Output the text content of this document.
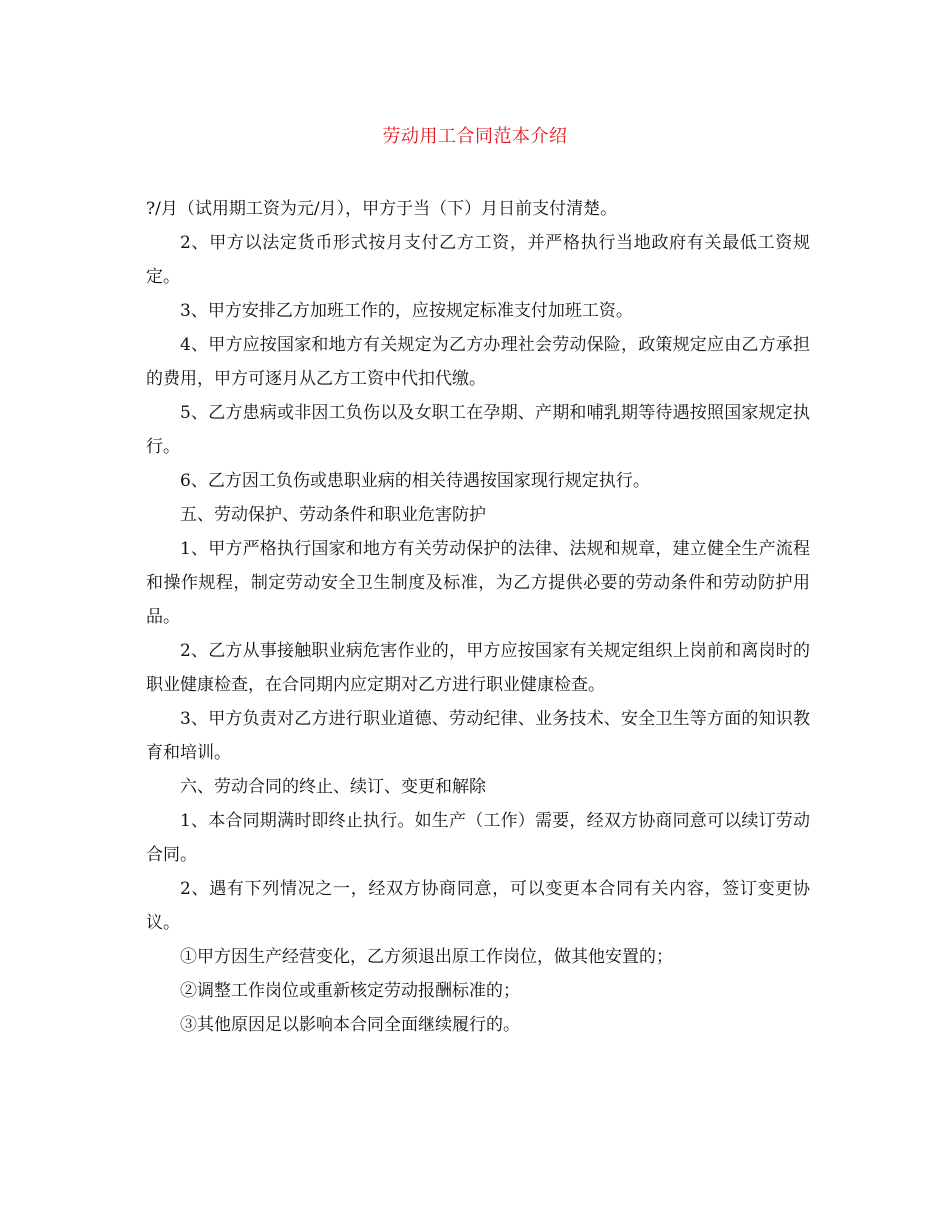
劳动用工合同范本介绍

?/月（试用期工资为元/月），甲方于当（下）月日前支付清楚。

2、甲方以法定货币形式按月支付乙方工资，并严格执行当地政府有关最低工资规定。

3、甲方安排乙方加班工作的，应按规定标准支付加班工资。

4、甲方应按国家和地方有关规定为乙方办理社会劳动保险，政策规定应由乙方承担的费用，甲方可逐月从乙方工资中代扣代缴。

5、乙方患病或非因工负伤以及女职工在孕期、产期和哺乳期等待遇按照国家规定执行。

6、乙方因工负伤或患职业病的相关待遇按国家现行规定执行。

五、劳动保护、劳动条件和职业危害防护

1、甲方严格执行国家和地方有关劳动保护的法律、法规和规章，建立健全生产流程和操作规程，制定劳动安全卫生制度及标准，为乙方提供必要的劳动条件和劳动防护用品。

2、乙方从事接触职业病危害作业的，甲方应按国家有关规定组织上岗前和离岗时的职业健康检查，在合同期内应定期对乙方进行职业健康检查。

3、甲方负责对乙方进行职业道德、劳动纪律、业务技术、安全卫生等方面的知识教育和培训。

六、劳动合同的终止、续订、变更和解除

1、本合同期满时即终止执行。如生产（工作）需要，经双方协商同意可以续订劳动合同。

2、遇有下列情况之一，经双方协商同意，可以变更本合同有关内容，签订变更协议。

①甲方因生产经营变化，乙方须退出原工作岗位，做其他安置的；

②调整工作岗位或重新核定劳动报酬标准的；

③其他原因足以影响本合同全面继续履行的。
